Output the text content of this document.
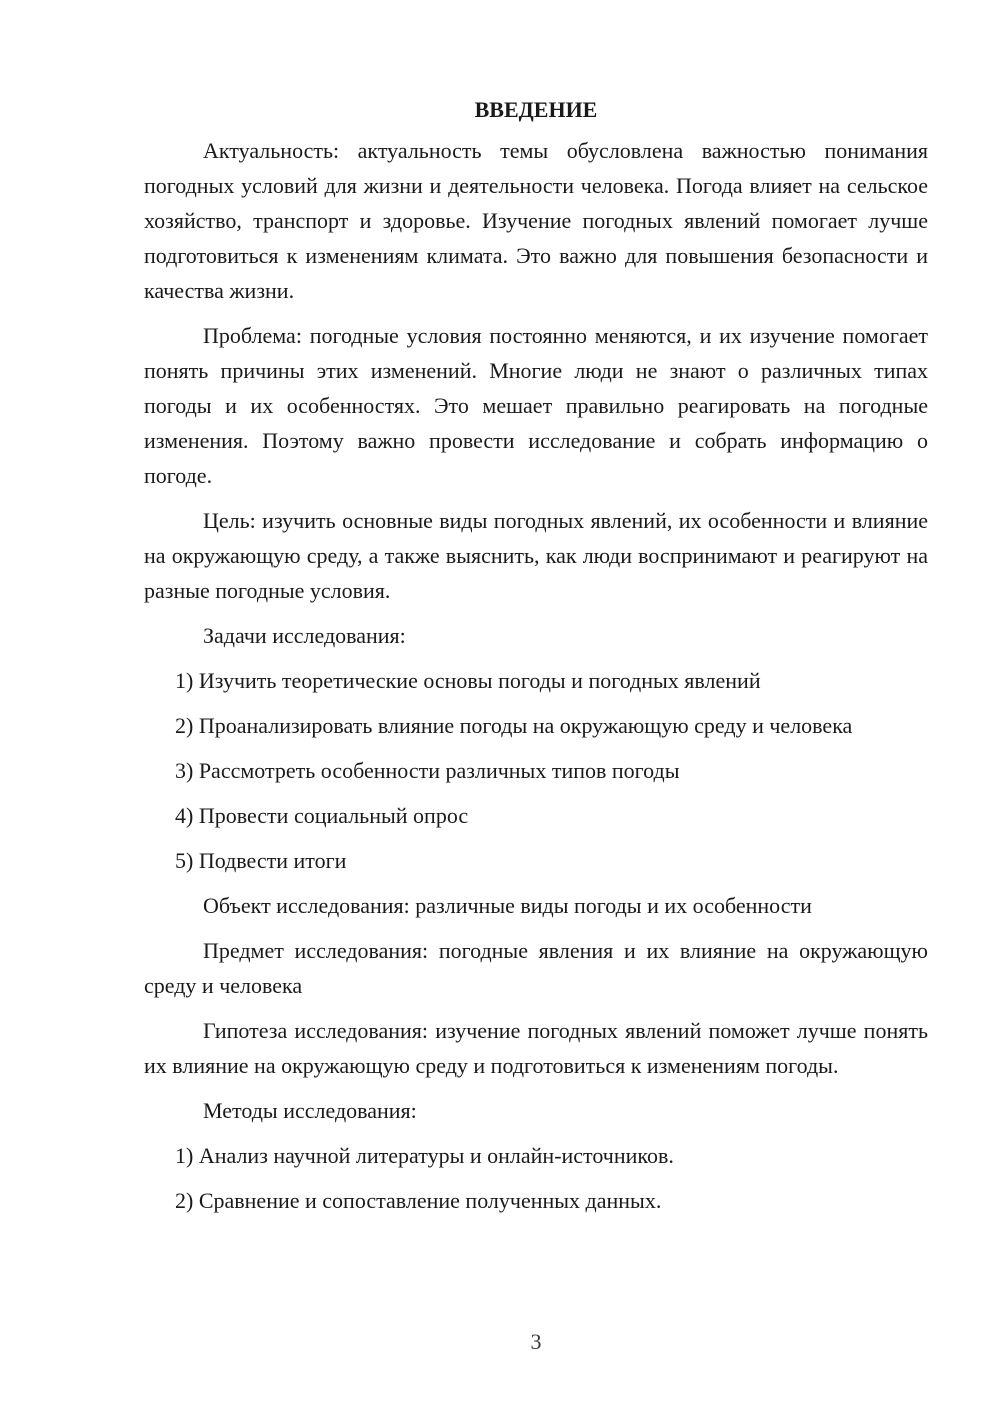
ВВЕДЕНИЕ

Актуальность: актуальность темы обусловлена важностью понимания погодных условий для жизни и деятельности человека. Погода влияет на сельское хозяйство, транспорт и здоровье. Изучение погодных явлений помогает лучше подготовиться к изменениям климата. Это важно для повышения безопасности и качества жизни.

Проблема: погодные условия постоянно меняются, и их изучение помогает понять причины этих изменений. Многие люди не знают о различных типах погоды и их особенностях. Это мешает правильно реагировать на погодные изменения. Поэтому важно провести исследование и собрать информацию о погоде.

Цель: изучить основные виды погодных явлений, их особенности и влияние на окружающую среду, а также выяснить, как люди воспринимают и реагируют на разные погодные условия.

Задачи исследования:

1) Изучить теоретические основы погоды и погодных явлений

2) Проанализировать влияние погоды на окружающую среду и человека

3) Рассмотреть особенности различных типов погоды

4) Провести социальный опрос

5) Подвести итоги

Объект исследования: различные виды погоды и их особенности

Предмет исследования: погодные явления и их влияние на окружающую среду и человека

Гипотеза исследования: изучение погодных явлений поможет лучше понять их влияние на окружающую среду и подготовиться к изменениям погоды.

Методы исследования:

1) Анализ научной литературы и онлайн-источников.

2) Сравнение и сопоставление полученных данных.

3
